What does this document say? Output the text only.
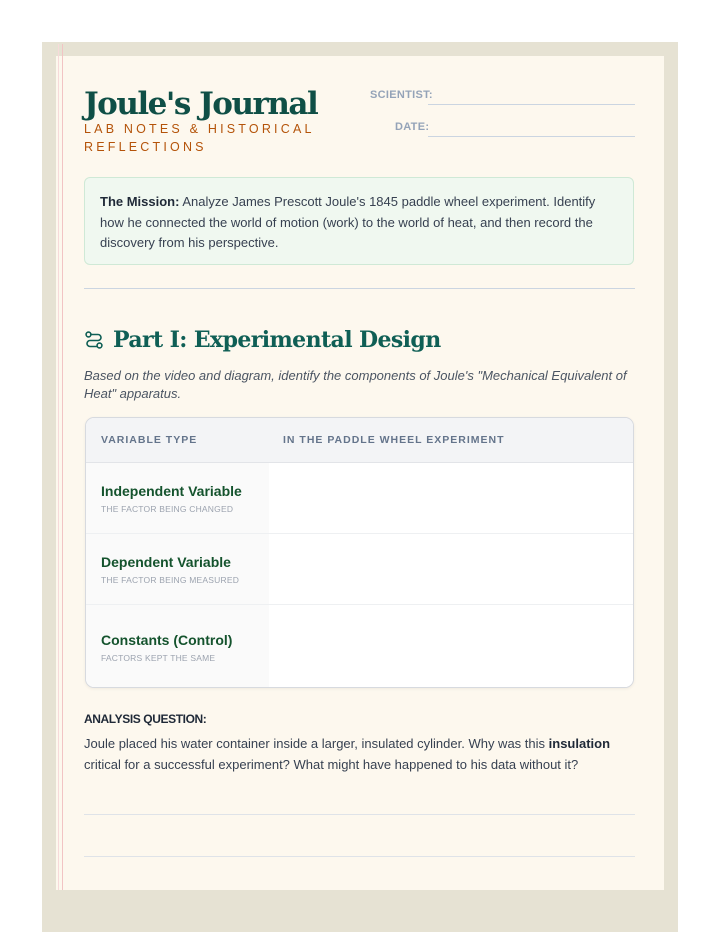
Joule's Journal
LAB NOTES & HISTORICAL REFLECTIONS
SCIENTIST:
DATE:
The Mission: Analyze James Prescott Joule's 1845 paddle wheel experiment. Identify how he connected the world of motion (work) to the world of heat, and then record the discovery from his perspective.
Part I: Experimental Design
Based on the video and diagram, identify the components of Joule's "Mechanical Equivalent of Heat" apparatus.
VARIABLE TYPE	IN THE PADDLE WHEEL EXPERIMENT
Independent Variable
THE FACTOR BEING CHANGED
Dependent Variable
THE FACTOR BEING MEASURED
Constants (Control)
FACTORS KEPT THE SAME
ANALYSIS QUESTION:
Joule placed his water container inside a larger, insulated cylinder. Why was this insulation critical for a successful experiment? What might have happened to his data without it?
